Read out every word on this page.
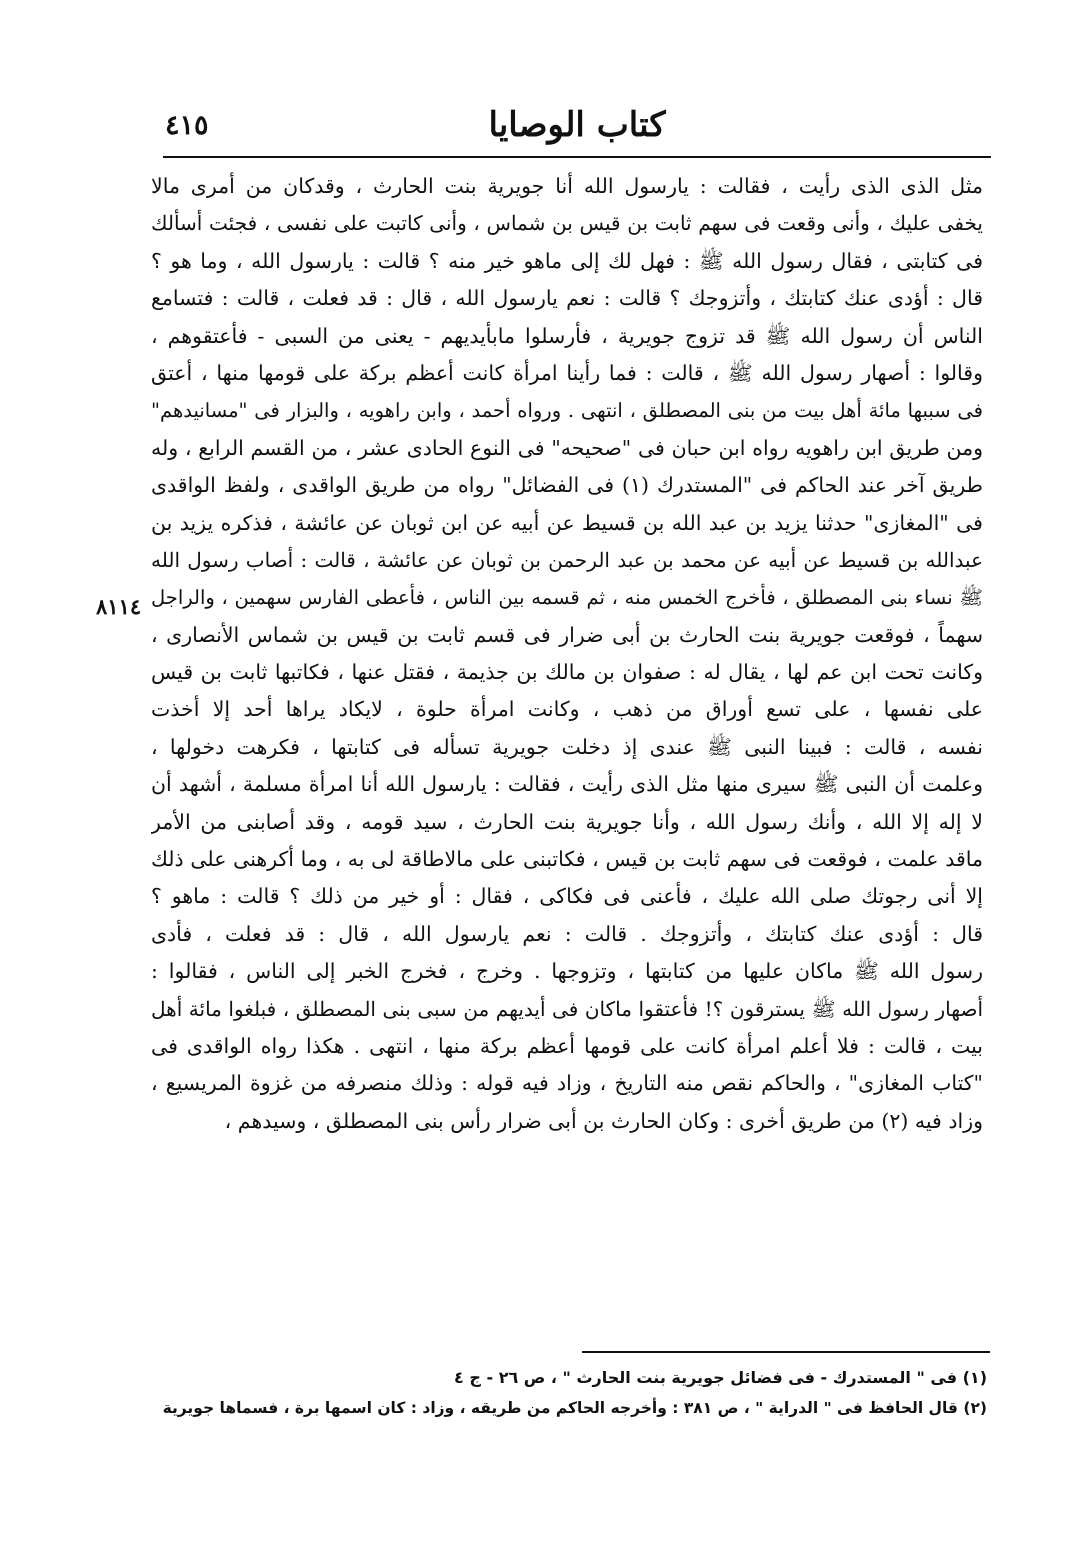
كتاب الوصايا
٤١٥
٨١١٤
مثل الذى الذى رأيت ، فقالت : يارسول الله أنا جويرية بنت الحارث ، وقدكان من أمرى مالا
يخفى عليك ، وأنى وقعت فى سهم ثابت بن قيس بن شماس ، وأنى كاتبت على نفسى ، فجئت أسألك
فى كتابتى ، فقال رسول الله ﷺ : فهل لك إلى ماهو خير منه ؟ قالت : يارسول الله ، وما هو ؟
قال : أؤدى عنك كتابتك ، وأتزوجك ؟ قالت : نعم يارسول الله ، قال : قد فعلت ، قالت : فتسامع
الناس أن رسول الله ﷺ قد تزوج جويرية ، فأرسلوا مابأيديهم - يعنى من السبى - فأعتقوهم ،
وقالوا : أصهار رسول الله ﷺ ، قالت : فما رأينا امرأة كانت أعظم بركة على قومها منها ، أعتق
فى سببها مائة أهل بيت من بنى المصطلق ، انتهى . ورواه أحمد ، وابن راهويه ، والبزار فى "مسانيدهم"
ومن طريق ابن راهويه رواه ابن حبان فى "صحيحه" فى النوع الحادى عشر ، من القسم الرابع ، وله
طريق آخر عند الحاكم فى "المستدرك (١) فى الفضائل" رواه من طريق الواقدى ، ولفظ الواقدى
فى "المغازى" حدثنا يزيد بن عبد الله بن قسيط عن أبيه عن ابن ثوبان عن عائشة ، فذكره يزيد بن
عبدالله بن قسيط عن أبيه عن محمد بن عبد الرحمن بن ثوبان عن عائشة ، قالت : أصاب رسول الله
ﷺ نساء بنى المصطلق ، فأخرج الخمس منه ، ثم قسمه بين الناس ، فأعطى الفارس سهمين ، والراجل
سهماً ، فوقعت جويرية بنت الحارث بن أبى ضرار فى قسم ثابت بن قيس بن شماس الأنصارى ،
وكانت تحت ابن عم لها ، يقال له : صفوان بن مالك بن جذيمة ، فقتل عنها ، فكاتبها ثابت بن قيس
على نفسها ، على تسع أوراق من ذهب ، وكانت امرأة حلوة ، لايكاد يراها أحد إلا أخذت
نفسه ، قالت : فبينا النبى ﷺ عندى إذ دخلت جويرية تسأله فى كتابتها ، فكرهت دخولها ،
وعلمت أن النبى ﷺ سيرى منها مثل الذى رأيت ، فقالت : يارسول الله أنا امرأة مسلمة ، أشهد أن
لا إله إلا الله ، وأنك رسول الله ، وأنا جويرية بنت الحارث ، سيد قومه ، وقد أصابنى من الأمر
ماقد علمت ، فوقعت فى سهم ثابت بن قيس ، فكاتبنى على مالاطاقة لى به ، وما أكرهنى على ذلك
إلا أنى رجوتك صلى الله عليك ، فأعنى فى فكاكى ، فقال : أو خير من ذلك ؟ قالت : ماهو ؟
قال : أؤدى عنك كتابتك ، وأتزوجك . قالت : نعم يارسول الله ، قال : قد فعلت ، فأدى
رسول الله ﷺ ماكان عليها من كتابتها ، وتزوجها . وخرج ، فخرج الخبر إلى الناس ، فقالوا :
أصهار رسول الله ﷺ يسترقون ؟! فأعتقوا ماكان فى أيديهم من سبى بنى المصطلق ، فبلغوا مائة أهل
بيت ، قالت : فلا أعلم امرأة كانت على قومها أعظم بركة منها ، انتهى . هكذا رواه الواقدى فى
"كتاب المغازى" ، والحاكم نقص منه التاريخ ، وزاد فيه قوله : وذلك منصرفه من غزوة المريسيع ،
وزاد فيه (٢) من طريق أخرى : وكان الحارث بن أبى ضرار رأس بنى المصطلق ، وسيدهم ،
(١) فى " المستدرك - فى فضائل جويرية بنت الحارث " ، ص ٢٦ - ج ٤
(٢) قال الحافظ فى " الدراية " ، ص ٣٨١ : وأخرجه الحاكم من طريقه ، وزاد : كان اسمها برة ، فسماها جويرية
